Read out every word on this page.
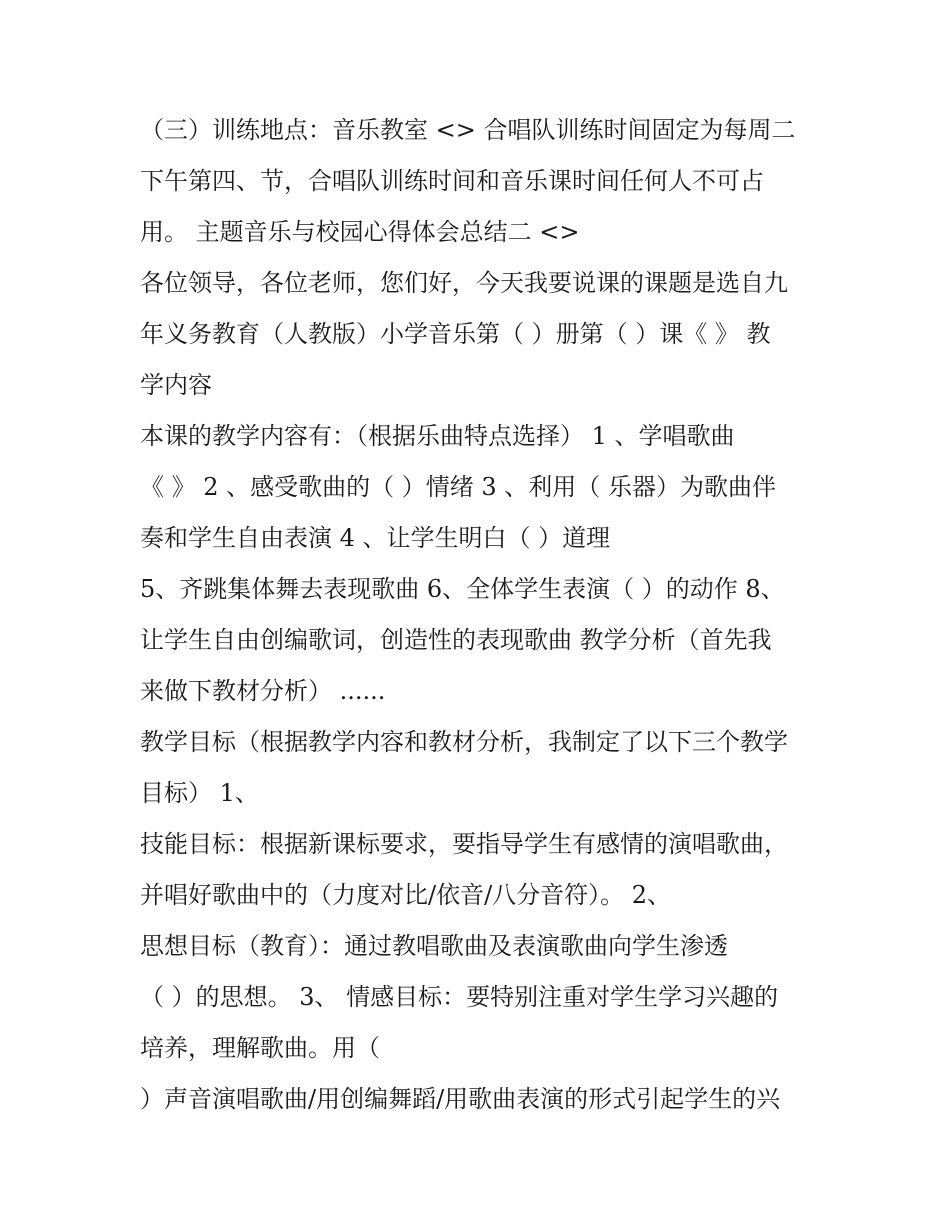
（三）训练地点：音乐教室 <> 合唱队训练时间固定为每周二
下午第四、节，合唱队训练时间和音乐课时间任何人不可占
用。 主题音乐与校园心得体会总结二 <>
各位领导，各位老师，您们好，今天我要说课的课题是选自九
年义务教育（人教版）小学音乐第（ ）册第（ ）课《 》 教
学内容
本课的教学内容有：（根据乐曲特点选择） 1 、学唱歌曲
《 》 2 、感受歌曲的（ ）情绪 3 、利用（ 乐器）为歌曲伴
奏和学生自由表演 4 、让学生明白（ ）道理
5、齐跳集体舞去表现歌曲 6、全体学生表演（ ）的动作 8、
让学生自由创编歌词，创造性的表现歌曲 教学分析（首先我
来做下教材分析） ......
教学目标（根据教学内容和教材分析，我制定了以下三个教学
目标） 1、
技能目标：根据新课标要求，要指导学生有感情的演唱歌曲，
并唱好歌曲中的（力度对比/依音/八分音符）。 2、
思想目标（教育）：通过教唱歌曲及表演歌曲向学生渗透
（ ）的思想。 3、 情感目标：要特别注重对学生学习兴趣的
培养，理解歌曲。用（
）声音演唱歌曲/用创编舞蹈/用歌曲表演的形式引起学生的兴
